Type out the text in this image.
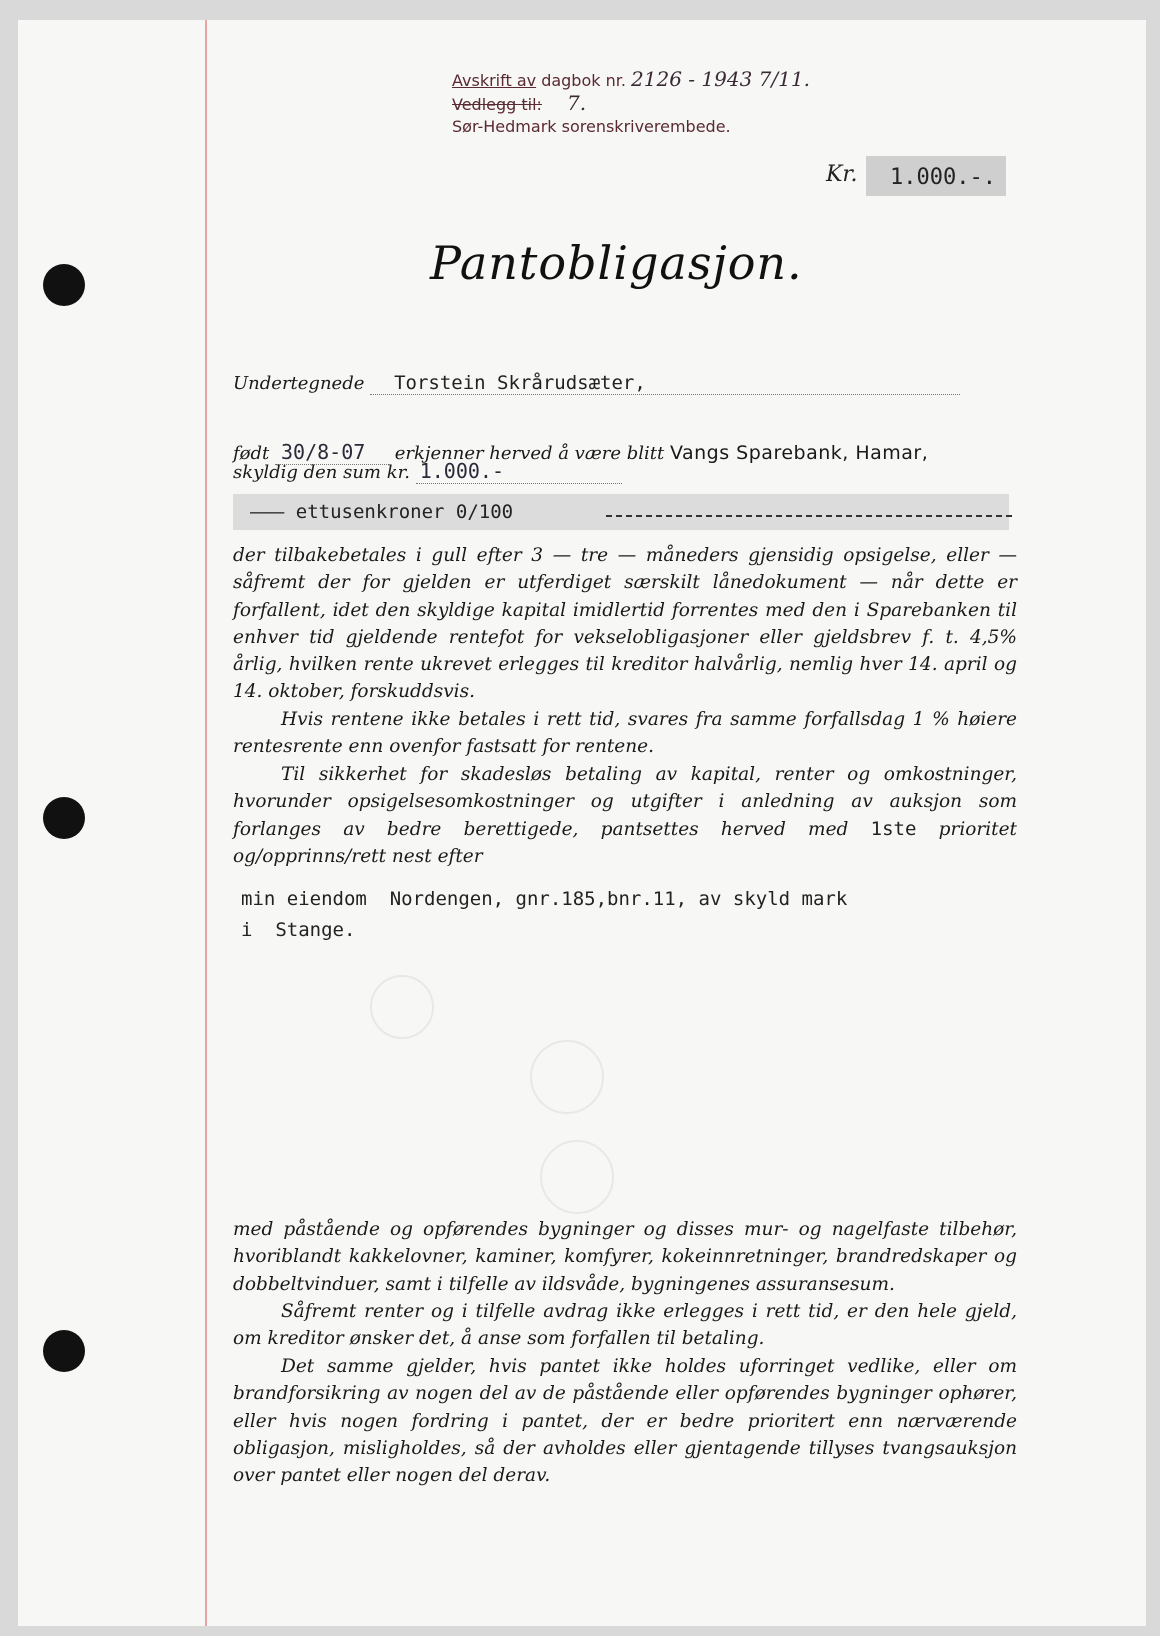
Avskrift av dagbok nr. 2126 - 1943 7/11.
Vedlegg til: 7.
Sør-Hedmark sorenskriverembede.
Kr.	1.000.-.
Pantobligasjon.
Undertegnede Torstein Skrårudsæter,
født 30/8-07 erkjenner herved å være blitt Vangs Sparebank, Hamar,
skyldig den sum kr. 1.000.-
——— ettusenkroner 0/100
der tilbakebetales i gull efter 3 — tre — måneders gjensidig opsigelse, eller — såfremt der for gjelden er utferdiget særskilt lånedokument — når dette er forfallent, idet den skyldige kapital imidlertid forrentes med den i Sparebanken til enhver tid gjeldende rentefot for vekselobligasjoner eller gjeldsbrev f. t. 4,5% årlig, hvilken rente ukrevet erlegges til kreditor halvårlig, nemlig hver 14. april og 14. oktober, forskuddsvis.
Hvis rentene ikke betales i rett tid, svares fra samme forfallsdag 1 % høiere rentesrente enn ovenfor fastsatt for rentene.
Til sikkerhet for skadesløs betaling av kapital, renter og omkostninger, hvorunder opsigelsesomkostninger og utgifter i anledning av auksjon som forlanges av bedre berettigede, pantsettes herved med 1ste prioritet og/opprinns/rett nest efter
min eiendom  Nordengen, gnr.185,bnr.11, av skyld mark
i  Stange.
med påstående og opførendes bygninger og disses mur- og nagelfaste tilbehør, hvoriblandt kakkelovner, kaminer, komfyrer, kokeinnretninger, brandredskaper og dobbeltvinduer, samt i tilfelle av ildsvåde, bygningenes assuransesum.
Såfremt renter og i tilfelle avdrag ikke erlegges i rett tid, er den hele gjeld, om kreditor ønsker det, å anse som forfallen til betaling.
Det samme gjelder, hvis pantet ikke holdes uforringet vedlike, eller om brandforsikring av nogen del av de påstående eller opførendes bygninger ophører, eller hvis nogen fordring i pantet, der er bedre prioritert enn nærværende obligasjon, misligholdes, så der avholdes eller gjentagende tillyses tvangsauksjon over pantet eller nogen del derav.
